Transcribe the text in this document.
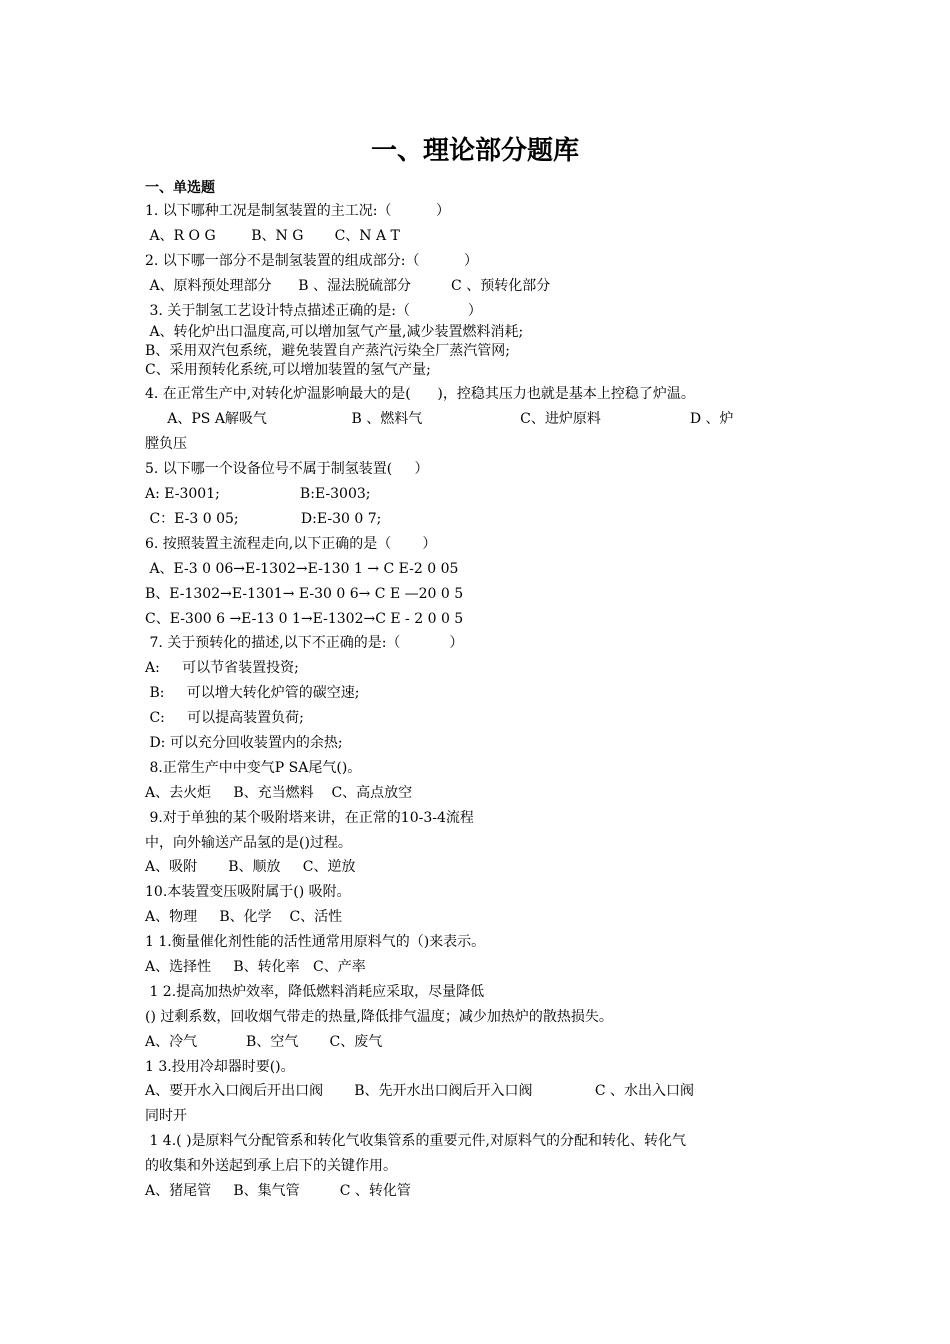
一、理论部分题库
一、单选题
1. 以下哪种工况是制氢装置的主工况:（          ）
A、R O G        B、N G       C、N A T
2. 以下哪一部分不是制氢装置的组成部分:（          ）
A、原料预处理部分      B 、湿法脱硫部分         C 、预转化部分
3. 关于制氢工艺设计特点描述正确的是:（             ）
A、转化炉出口温度高,可以增加氢气产量,减少装置燃料消耗;
B、采用双汽包系统，避免装置自产蒸汽污染全厂蒸汽管网;
C、采用预转化系统,可以增加装置的氢气产量;
4. 在正常生产中,对转化炉温影响最大的是(      )，控稳其压力也就是基本上控稳了炉温。
A、PS A解吸气                   B 、燃料气                      C、进炉原料                    D 、炉
膛负压
5. 以下哪一个设备位号不属于制氢装置(     ）
A: E-3001;                  B:E-3003;
C：E-3 0 05;              D:E-30 0 7;
6. 按照装置主流程走向,以下正确的是（       ）
A、E-3 0 06→E-1302→E-130 1 → C E-2 0 05
B、E-1302→E-1301→ E-30 0 6→ C E —20 0 5
C、E-300 6 →E-13 0 1→E-1302→C E - 2 0 0 5
7. 关于预转化的描述,以下不正确的是:（           ）
A:     可以节省装置投资;
B:     可以增大转化炉管的碳空速;
C:     可以提高装置负荷;
D: 可以充分回收装置内的余热;
8.正常生产中中变气P SA尾气()。
A、去火炬     B、充当燃料    C、高点放空
9.对于单独的某个吸附塔来讲，在正常的10-3-4流程
中，向外输送产品氢的是()过程。
A、吸附       B、顺放     C、逆放
10.本装置变压吸附属于() 吸附。
A、物理     B、化学    C、活性
1 1.衡量催化剂性能的活性通常用原料气的（)来表示。
A、选择性     B、转化率   C、产率
1 2.提高加热炉效率，降低燃料消耗应采取，尽量降低
() 过剩系数，回收烟气带走的热量,降低排气温度；减少加热炉的散热损失。
A、冷气           B、空气       C、废气
1 3.投用冷却器时要()。
A、要开水入口阀后开出口阀       B、先开水出口阀后开入口阀              C 、水出入口阀
同时开
1 4.( )是原料气分配管系和转化气收集管系的重要元件,对原料气的分配和转化、转化气
的收集和外送起到承上启下的关键作用。
A、猪尾管     B、集气管         C 、转化管
